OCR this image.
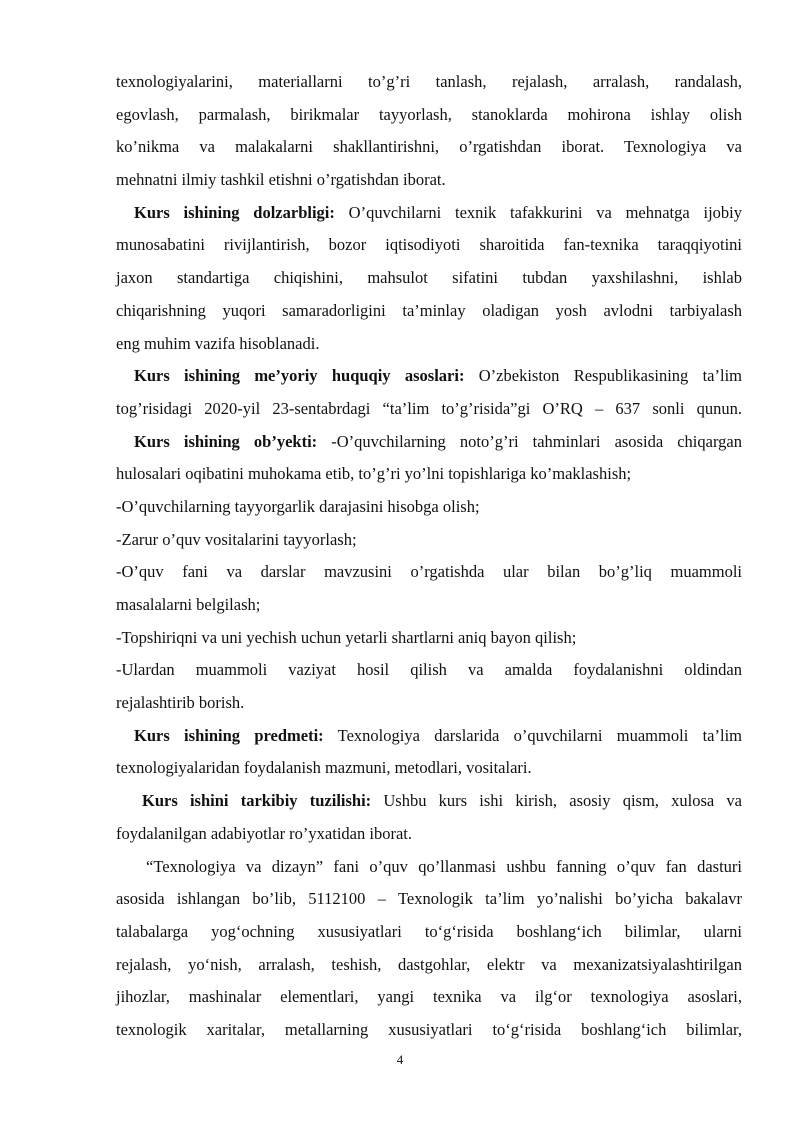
texnologiyalarini, materiallarni to’g’ri tanlash, rejalash, arralash, randalash,
egovlash, parmalash, birikmalar tayyorlash, stanoklarda mohirona ishlay olish
ko’nikma va malakalarni shakllantirishni, o’rgatishdan iborat. Texnologiya va
mehnatni ilmiy tashkil etishni o’rgatishdan iborat.
Kurs ishining dolzarbligi: O’quvchilarni texnik tafakkurini va mehnatga ijobiy
munosabatini rivijlantirish, bozor iqtisodiyoti sharoitida fan-texnika taraqqiyotini
jaxon standartiga chiqishini, mahsulot sifatini tubdan yaxshilashni, ishlab
chiqarishning yuqori samaradorligini ta’minlay oladigan yosh avlodni tarbiyalash
eng muhim vazifa hisoblanadi.
Kurs ishining me’yoriy huquqiy asoslari: O’zbekiston Respublikasining ta’lim
tog’risidagi 2020-yil 23-sentabrdagi “ta’lim to’g’risida”gi O’RQ – 637 sonli qunun.
Kurs ishining ob’yekti: -O’quvchilarning noto’g’ri tahminlari asosida chiqargan
hulosalari oqibatini muhokama etib, to’g’ri yo’lni topishlariga ko’maklashish;
-O’quvchilarning tayyorgarlik darajasini hisobga olish;
-Zarur o’quv vositalarini tayyorlash;
-O’quv fani va darslar mavzusini o’rgatishda ular bilan bo’g’liq muammoli
masalalarni belgilash;
-Topshiriqni va uni yechish uchun yetarli shartlarni aniq bayon qilish;
-Ulardan muammoli vaziyat hosil qilish va amalda foydalanishni oldindan
rejalashtirib borish.
Kurs ishining predmeti: Texnologiya darslarida o’quvchilarni muammoli ta’lim
texnologiyalaridan foydalanish mazmuni, metodlari, vositalari.
Kurs ishini tarkibiy tuzilishi: Ushbu kurs ishi kirish, asosiy qism, xulosa va
foydalanilgan adabiyotlar ro’yxatidan iborat.
“Texnologiya va dizayn” fani o’quv qo’llanmasi ushbu fanning o’quv fan dasturi
asosida ishlangan bo’lib, 5112100 – Texnologik ta’lim yo’nalishi bo’yicha bakalavr
talabalarga yog‘ochning xususiyatlari to‘g‘risida boshlang‘ich bilimlar, ularni
rejalash, yo‘nish, arralash, teshish, dastgohlar, elektr va mexanizatsiyalashtirilgan
jihozlar, mashinalar elementlari, yangi texnika va ilg‘or texnologiya asoslari,
texnologik xaritalar, metallarning xususiyatlari to‘g‘risida boshlang‘ich bilimlar,
4
